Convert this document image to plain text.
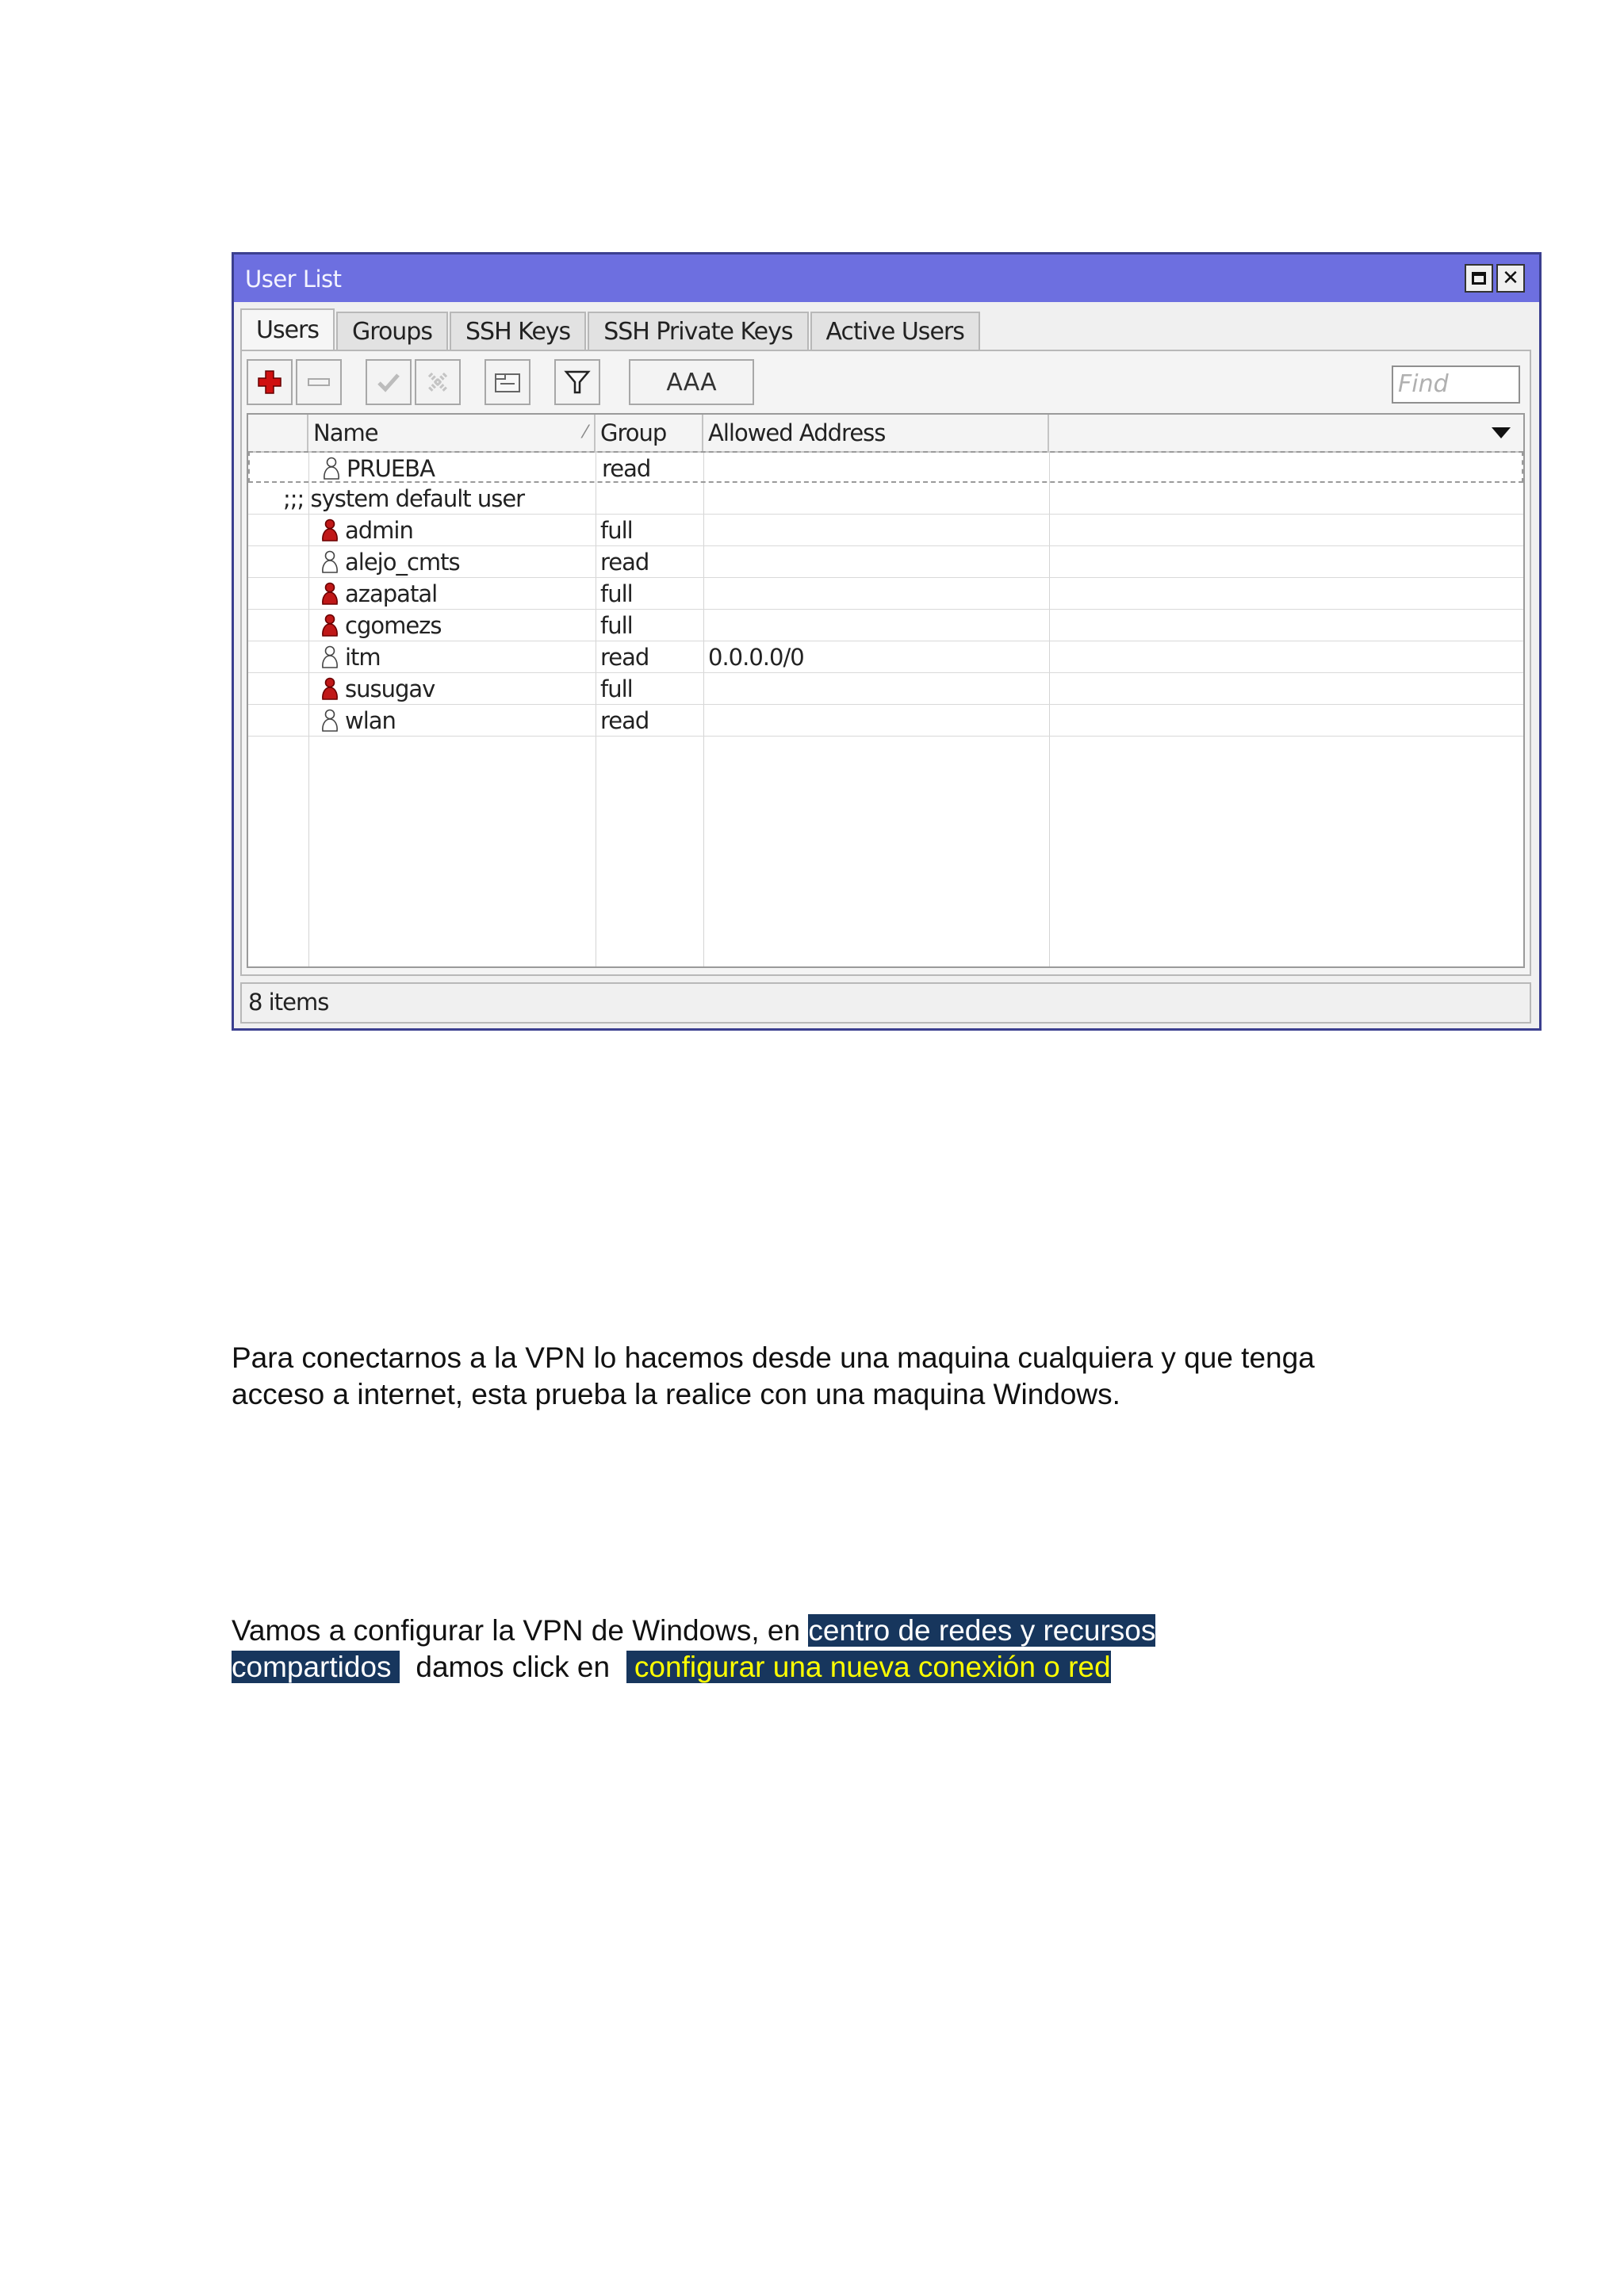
User List	✕
Users	Groups	SSH Keys	SSH Private Keys	Active Users
AAA	Find
Name	⁄ Group	Allowed Address
PRUEBA	read
;;; system default user
admin	full
alejo_cmts	read
azapatal	full
cgomezs	full
itm	read	0.0.0.0/0
susugav	full
wlan	read
8 items
Para conectarnos a la VPN lo hacemos desde una maquina cualquiera y que tenga
acceso a internet, esta prueba la realice con una maquina Windows.
Vamos a configurar la VPN de Windows, en centro de redes y recursos
compartidos   damos click en   configurar una nueva conexión o red
